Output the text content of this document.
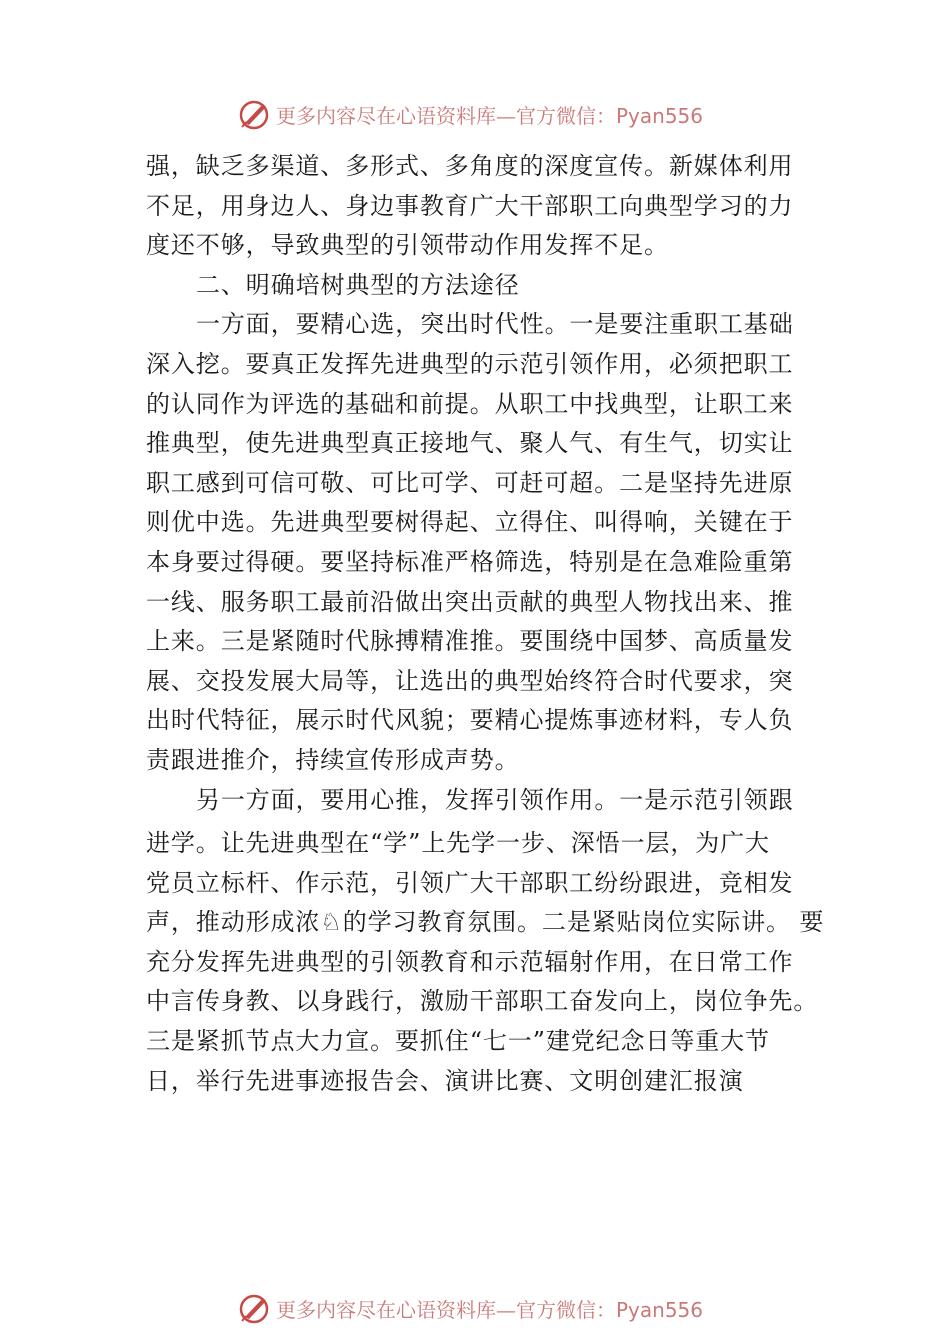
更多内容尽在心语资料库—官方微信：Pyan556
强，缺乏多渠道、多形式、多角度的深度宣传。新媒体利用
不足，用身边人、身边事教育广大干部职工向典型学习的力
度还不够，导致典型的引领带动作用发挥不足。
二、明确培树典型的方法途径
一方面，要精心选，突出时代性。一是要注重职工基础
深入挖。要真正发挥先进典型的示范引领作用，必须把职工
的认同作为评选的基础和前提。从职工中找典型，让职工来
推典型，使先进典型真正接地气、聚人气、有生气，切实让
职工感到可信可敬、可比可学、可赶可超。二是坚持先进原
则优中选。先进典型要树得起、立得住、叫得响，关键在于
本身要过得硬。要坚持标准严格筛选，特别是在急难险重第
一线、服务职工最前沿做出突出贡献的典型人物找出来、推
上来。三是紧随时代脉搏精准推。要围绕中国梦、高质量发
展、交投发展大局等，让选出的典型始终符合时代要求，突
出时代特征，展示时代风貌；要精心提炼事迹材料，专人负
责跟进推介，持续宣传形成声势。
另一方面，要用心推，发挥引领作用。一是示范引领跟
进学。让先进典型在“学”上先学一步、深悟一层，为广大
党员立标杆、作示范，引领广大干部职工纷纷跟进，竞相发
声，推动形成浓♘的学习教育氛围。二是紧贴岗位实际讲。 要
充分发挥先进典型的引领教育和示范辐射作用，在日常工作
中言传身教、以身践行，激励干部职工奋发向上，岗位争先。
三是紧抓节点大力宣。要抓住“七一”建党纪念日等重大节
日，举行先进事迹报告会、演讲比赛、文明创建汇报演
更多内容尽在心语资料库—官方微信：Pyan556
